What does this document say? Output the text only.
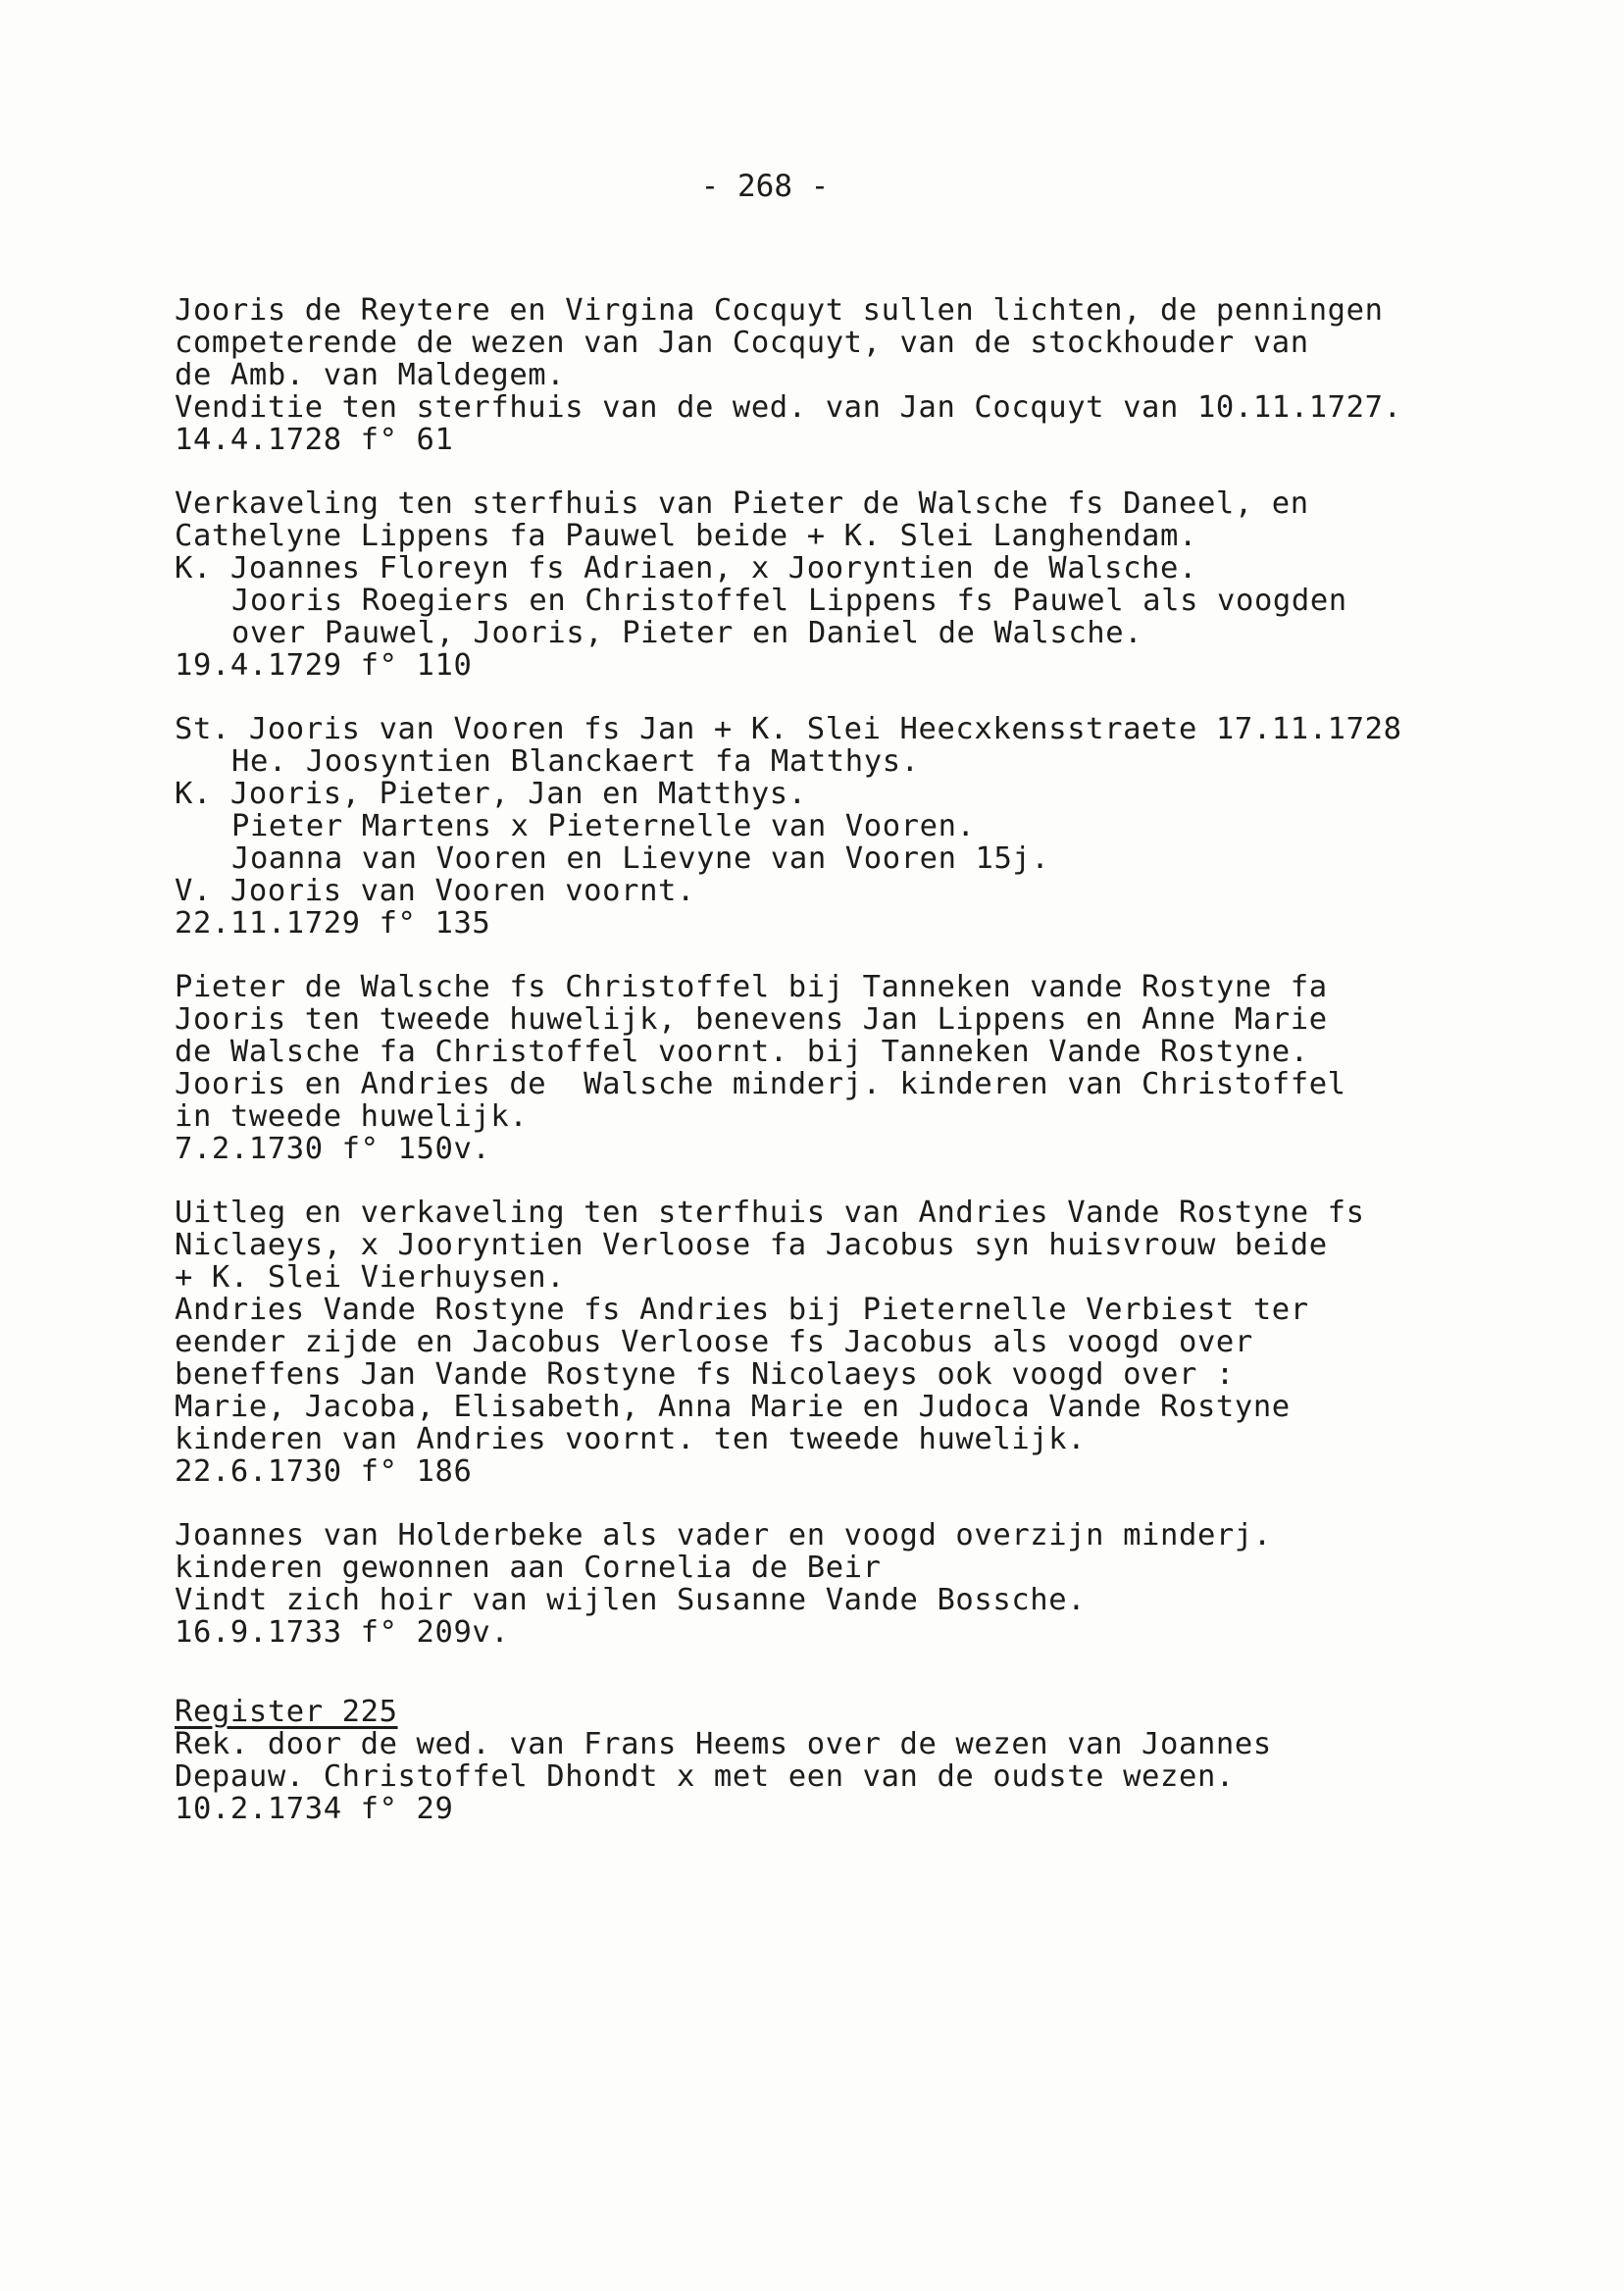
- 268 -
Jooris de Reytere en Virgina Cocquyt sullen lichten, de penningen
competerende de wezen van Jan Cocquyt, van de stockhouder van
de Amb. van Maldegem.
Venditie ten sterfhuis van de wed. van Jan Cocquyt van 10.11.1727.
14.4.1728 f° 61
Verkaveling ten sterfhuis van Pieter de Walsche fs Daneel, en
Cathelyne Lippens fa Pauwel beide + K. Slei Langhendam.
K. Joannes Floreyn fs Adriaen, x Jooryntien de Walsche.
Jooris Roegiers en Christoffel Lippens fs Pauwel als voogden
over Pauwel, Jooris, Pieter en Daniel de Walsche.
19.4.1729 f° 110
St. Jooris van Vooren fs Jan + K. Slei Heecxkensstraete 17.11.1728
He. Joosyntien Blanckaert fa Matthys.
K. Jooris, Pieter, Jan en Matthys.
Pieter Martens x Pieternelle van Vooren.
Joanna van Vooren en Lievyne van Vooren 15j.
V. Jooris van Vooren voornt.
22.11.1729 f° 135
Pieter de Walsche fs Christoffel bij Tanneken vande Rostyne fa
Jooris ten tweede huwelijk, benevens Jan Lippens en Anne Marie
de Walsche fa Christoffel voornt. bij Tanneken Vande Rostyne.
Jooris en Andries de  Walsche minderj. kinderen van Christoffel
in tweede huwelijk.
7.2.1730 f° 150v.
Uitleg en verkaveling ten sterfhuis van Andries Vande Rostyne fs
Niclaeys, x Jooryntien Verloose fa Jacobus syn huisvrouw beide
+ K. Slei Vierhuysen.
Andries Vande Rostyne fs Andries bij Pieternelle Verbiest ter
eender zijde en Jacobus Verloose fs Jacobus als voogd over
beneffens Jan Vande Rostyne fs Nicolaeys ook voogd over :
Marie, Jacoba, Elisabeth, Anna Marie en Judoca Vande Rostyne
kinderen van Andries voornt. ten tweede huwelijk.
22.6.1730 f° 186
Joannes van Holderbeke als vader en voogd overzijn minderj.
kinderen gewonnen aan Cornelia de Beir
Vindt zich hoir van wijlen Susanne Vande Bossche.
16.9.1733 f° 209v.
Register 225
Rek. door de wed. van Frans Heems over de wezen van Joannes
Depauw. Christoffel Dhondt x met een van de oudste wezen.
10.2.1734 f° 29
